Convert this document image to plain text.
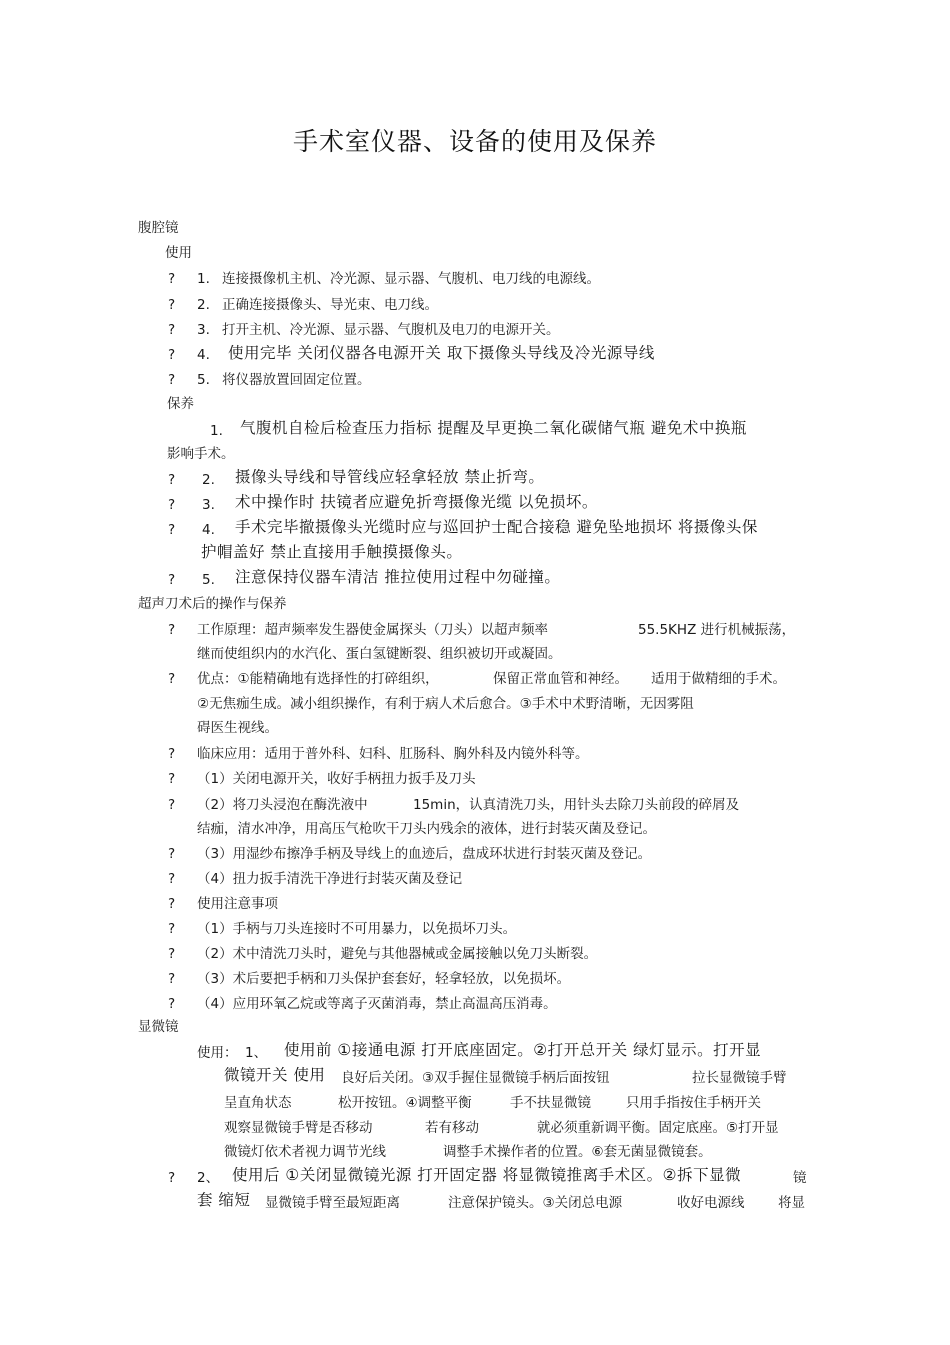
手术室仪器、设备的使用及保养
腹腔镜
使用
? 1. 连接摄像机主机、冷光源、显示器、气腹机、电刀线的电源线。
? 2. 正确连接摄像头、导光束、电刀线。
? 3. 打开主机、冷光源、显示器、气腹机及电刀的电源开关。
? 4. 使用完毕 关闭仪器各电源开关 取下摄像头导线及冷光源导线
? 5. 将仪器放置回固定位置。
保养
1. 气腹机自检后检查压力指标 提醒及早更换二氧化碳储气瓶 避免术中换瓶
影响手术。
? 2. 摄像头导线和导管线应轻拿轻放 禁止折弯。
? 3. 术中操作时 扶镜者应避免折弯摄像光缆 以免损坏。
? 4. 手术完毕撤摄像头光缆时应与巡回护士配合接稳 避免坠地损坏 将摄像头保
护帽盖好 禁止直接用手触摸摄像头。
? 5. 注意保持仪器车清洁 推拉使用过程中勿碰撞。
超声刀术后的操作与保养
? 工作原理：超声频率发生器使金属探头（刀头）以超声频率	55.5KHZ 进行机械振荡，
继而使组织内的水汽化、蛋白氢键断裂、组织被切开或凝固。
? 优点：①能精确地有选择性的打碎组织，	保留正常血管和神经。 适用于做精细的手术。
②无焦痂生成。减小组织操作，有利于病人术后愈合。③手术中术野清晰，无因雾阻
碍医生视线。
? 临床应用：适用于普外科、妇科、肛肠科、胸外科及内镜外科等。
? （1）关闭电源开关，收好手柄扭力扳手及刀头
? （2）将刀头浸泡在酶洗液中	15min，认真清洗刀头，用针头去除刀头前段的碎屑及
结痂，清水冲净，用高压气枪吹干刀头内残余的液体，进行封装灭菌及登记。
? （3）用湿纱布擦净手柄及导线上的血迹后，盘成环状进行封装灭菌及登记。
? （4）扭力扳手清洗干净进行封装灭菌及登记
? 使用注意事项
? （1）手柄与刀头连接时不可用暴力，以免损坏刀头。
? （2）术中清洗刀头时，避免与其他器械或金属接触以免刀头断裂。
? （3）术后要把手柄和刀头保护套套好，轻拿轻放，以免损坏。
? （4）应用环氧乙烷或等离子灭菌消毒，禁止高温高压消毒。
显微镜
使用： 1、 使用前 ①接通电源 打开底座固定。②打开总开关 绿灯显示。打开显
微镜开关 使用 良好后关闭。③双手握住显微镜手柄后面按钮	拉长显微镜手臂
呈直角状态	松开按钮。④调整平衡	手不扶显微镜	只用手指按住手柄开关
观察显微镜手臂是否移动	若有移动	就必须重新调平衡。固定底座。⑤打开显
微镜灯依术者视力调节光线	调整手术操作者的位置。⑥套无菌显微镜套。
? 2、 使用后 ①关闭显微镜光源 打开固定器 将显微镜推离手术区。②拆下显微	镜
套 缩短 显微镜手臂至最短距离	注意保护镜头。③关闭总电源	收好电源线 将显
